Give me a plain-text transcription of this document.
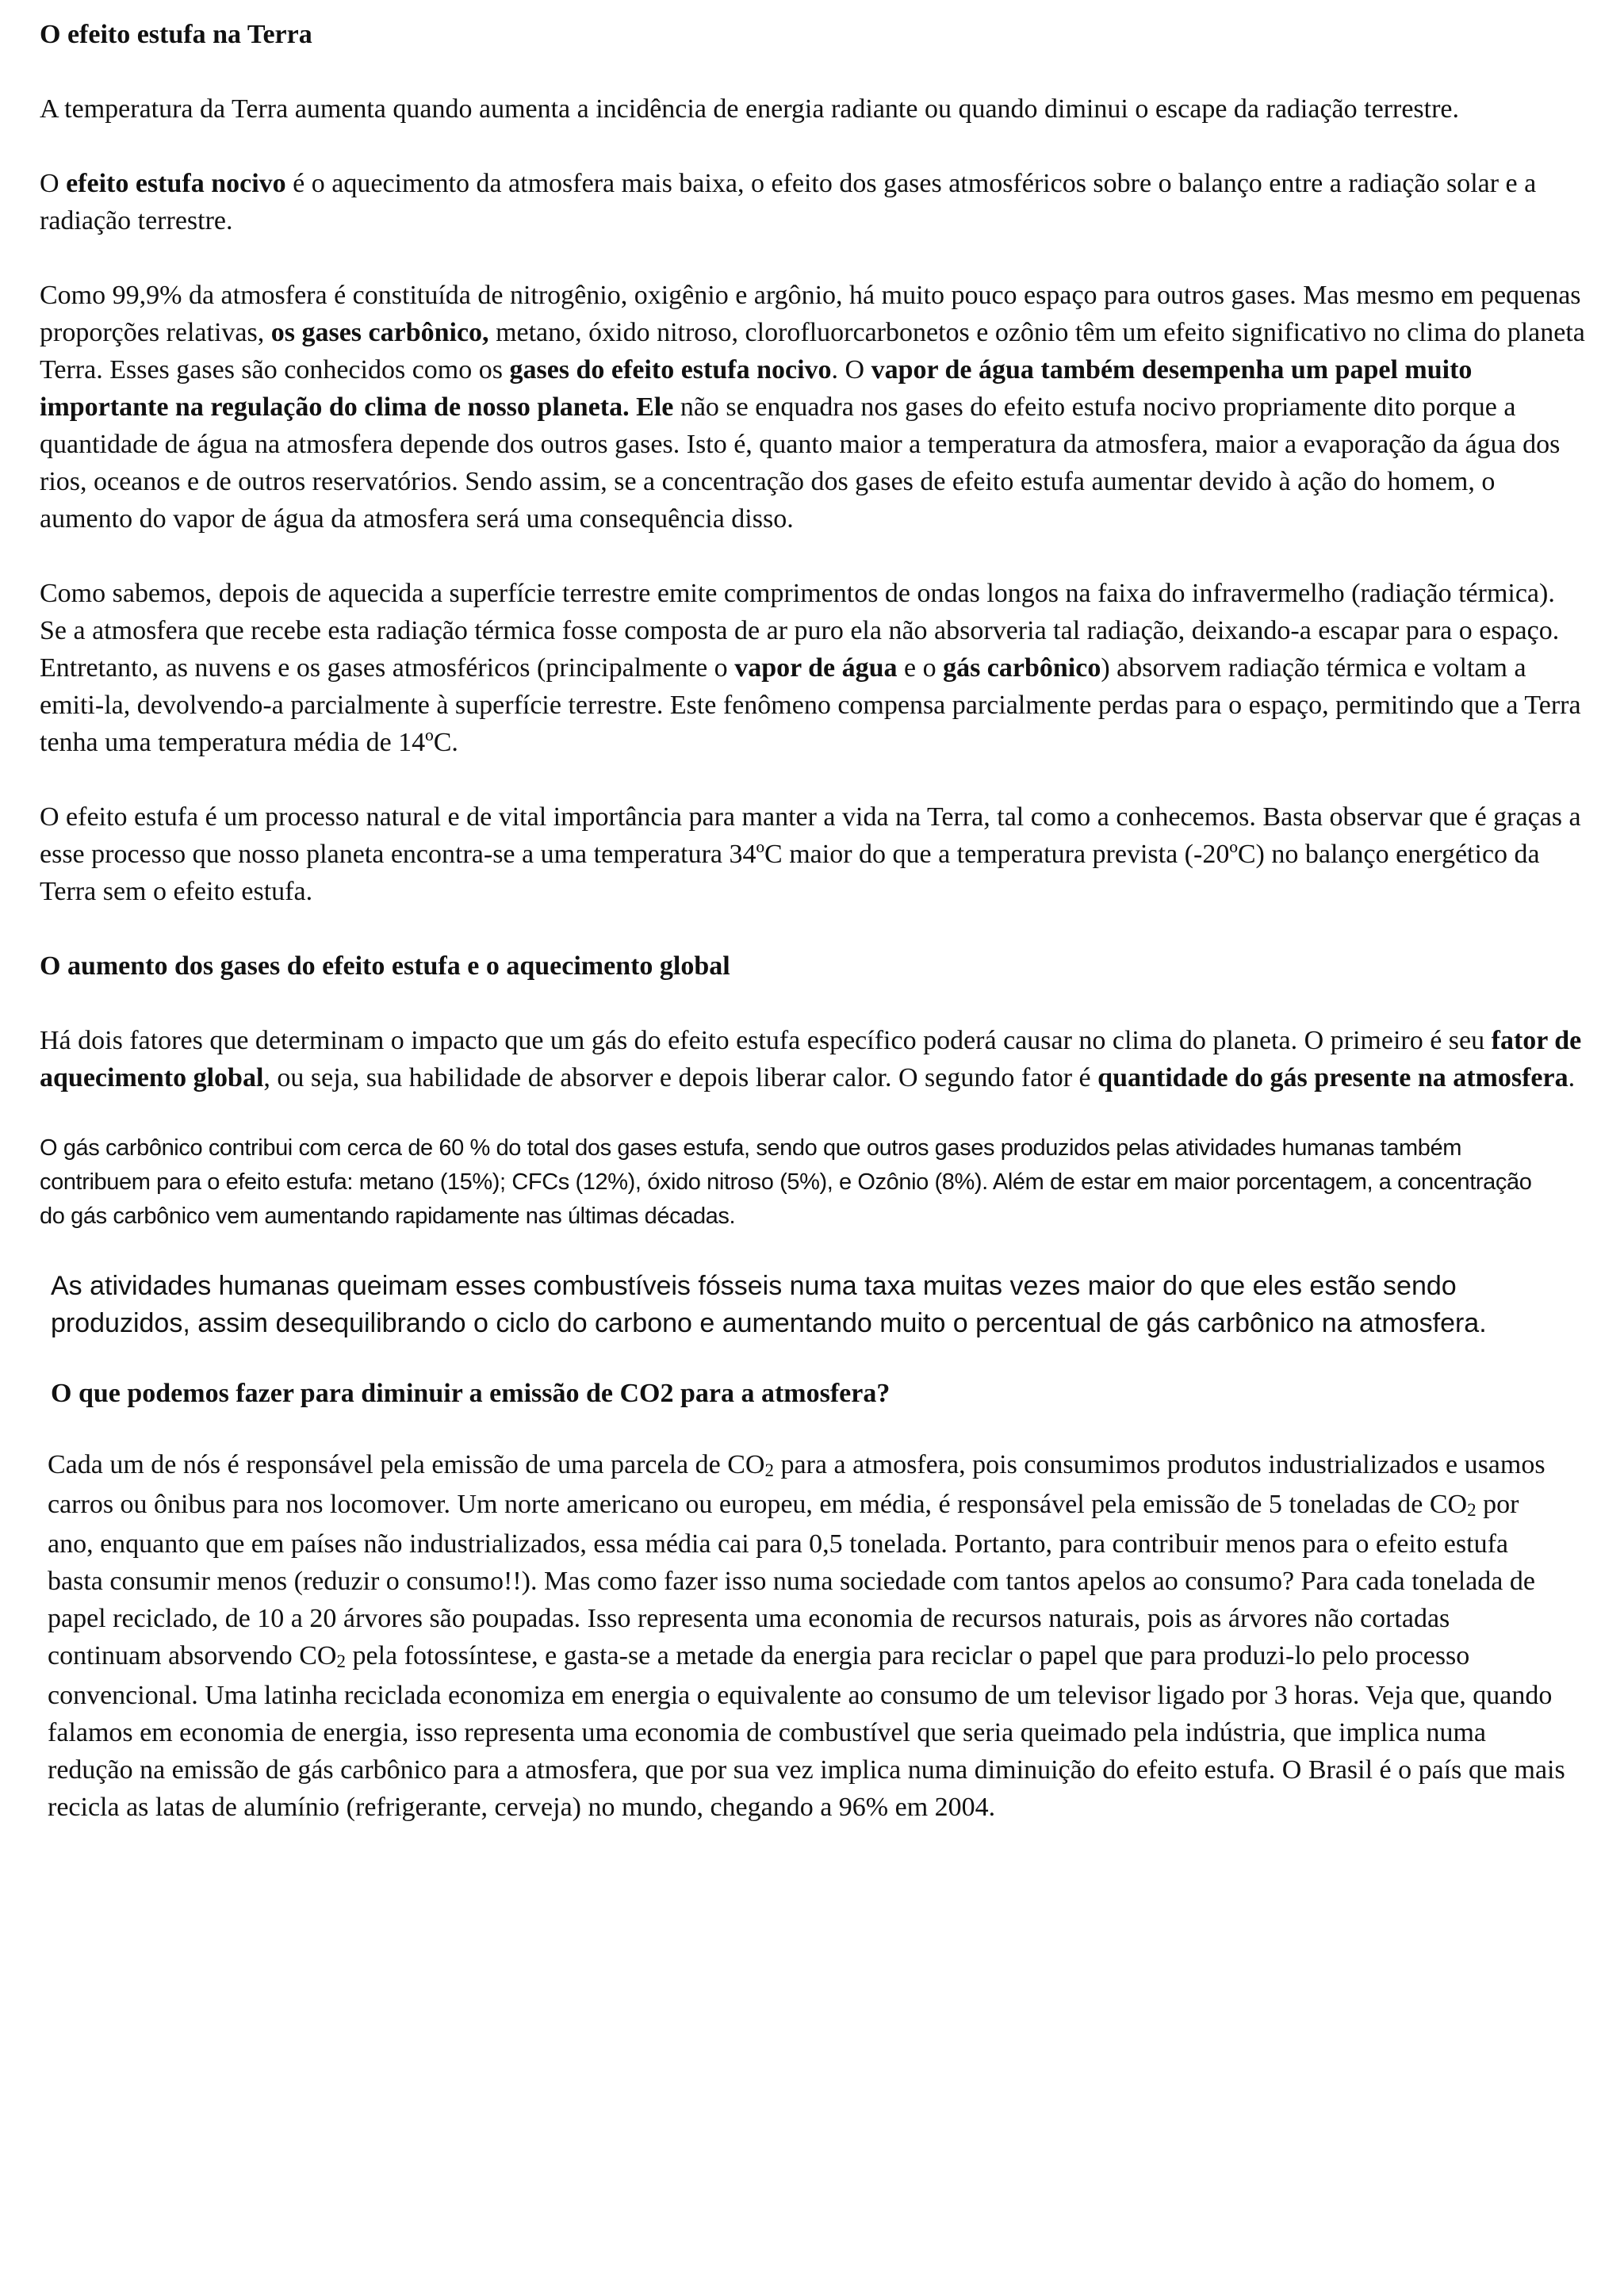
O efeito estufa na Terra

A temperatura da Terra aumenta quando aumenta a incidência de energia radiante ou quando diminui o escape da radiação terrestre.

O efeito estufa nocivo é o aquecimento da atmosfera mais baixa, o efeito dos gases atmosféricos sobre o balanço entre a radiação solar e a radiação terrestre.

Como 99,9% da atmosfera é constituída de nitrogênio, oxigênio e argônio, há muito pouco espaço para outros gases. Mas mesmo em pequenas proporções relativas, os gases carbônico, metano, óxido nitroso, clorofluorcarbonetos e ozônio têm um efeito significativo no clima do planeta Terra. Esses gases são conhecidos como os gases do efeito estufa nocivo. O vapor de água também desempenha um papel muito importante na regulação do clima de nosso planeta. Ele não se enquadra nos gases do efeito estufa nocivo propriamente dito porque a quantidade de água na atmosfera depende dos outros gases. Isto é, quanto maior a temperatura da atmosfera, maior a evaporação da água dos rios, oceanos e de outros reservatórios. Sendo assim, se a concentração dos gases de efeito estufa aumentar devido à ação do homem, o aumento do vapor de água da atmosfera será uma consequência disso.

Como sabemos, depois de aquecida a superfície terrestre emite comprimentos de ondas longos na faixa do infravermelho (radiação térmica). Se a atmosfera que recebe esta radiação térmica fosse composta de ar puro ela não absorveria tal radiação, deixando-a escapar para o espaço. Entretanto, as nuvens e os gases atmosféricos (principalmente o vapor de água e o gás carbônico) absorvem radiação térmica e voltam a emiti-la, devolvendo-a parcialmente à superfície terrestre. Este fenômeno compensa parcialmente perdas para o espaço, permitindo que a Terra tenha uma temperatura média de 14ºC.

O efeito estufa é um processo natural e de vital importância para manter a vida na Terra, tal como a conhecemos. Basta observar que é graças a esse processo que nosso planeta encontra-se a uma temperatura 34ºC maior do que a temperatura prevista (-20ºC) no balanço energético da Terra sem o efeito estufa.

O aumento dos gases do efeito estufa e o aquecimento global

Há dois fatores que determinam o impacto que um gás do efeito estufa específico poderá causar no clima do planeta. O primeiro é seu fator de aquecimento global, ou seja, sua habilidade de absorver e depois liberar calor. O segundo fator é quantidade do gás presente na atmosfera.

O gás carbônico contribui com cerca de 60 % do total dos gases estufa, sendo que outros gases produzidos pelas atividades humanas também contribuem para o efeito estufa: metano (15%); CFCs (12%), óxido nitroso (5%), e Ozônio (8%). Além de estar em maior porcentagem, a concentração do gás carbônico vem aumentando rapidamente nas últimas décadas.

As atividades humanas queimam esses combustíveis fósseis numa taxa muitas vezes maior do que eles estão sendo produzidos, assim desequilibrando o ciclo do carbono e aumentando muito o percentual de gás carbônico na atmosfera.

O que podemos fazer para diminuir a emissão de CO2 para a atmosfera?

Cada um de nós é responsável pela emissão de uma parcela de $CO_2$ para a atmosfera, pois consumimos produtos industrializados e usamos carros ou ônibus para nos locomover. Um norte americano ou europeu, em média, é responsável pela emissão de 5 toneladas de $CO_2$ por ano, enquanto que em países não industrializados, essa média cai para 0,5 tonelada. Portanto, para contribuir menos para o efeito estufa basta consumir menos (reduzir o consumo!!). Mas como fazer isso numa sociedade com tantos apelos ao consumo? Para cada tonelada de papel reciclado, de 10 a 20 árvores são poupadas. Isso representa uma economia de recursos naturais, pois as árvores não cortadas continuam absorvendo $CO_2$ pela fotossíntese, e gasta-se a metade da energia para reciclar o papel que para produzi-lo pelo processo convencional. Uma latinha reciclada economiza em energia o equivalente ao consumo de um televisor ligado por 3 horas. Veja que, quando falamos em economia de energia, isso representa uma economia de combustível que seria queimado pela indústria, que implica numa redução na emissão de gás carbônico para a atmosfera, que por sua vez implica numa diminuição do efeito estufa. O Brasil é o país que mais recicla as latas de alumínio (refrigerante, cerveja) no mundo, chegando a 96% em 2004.
